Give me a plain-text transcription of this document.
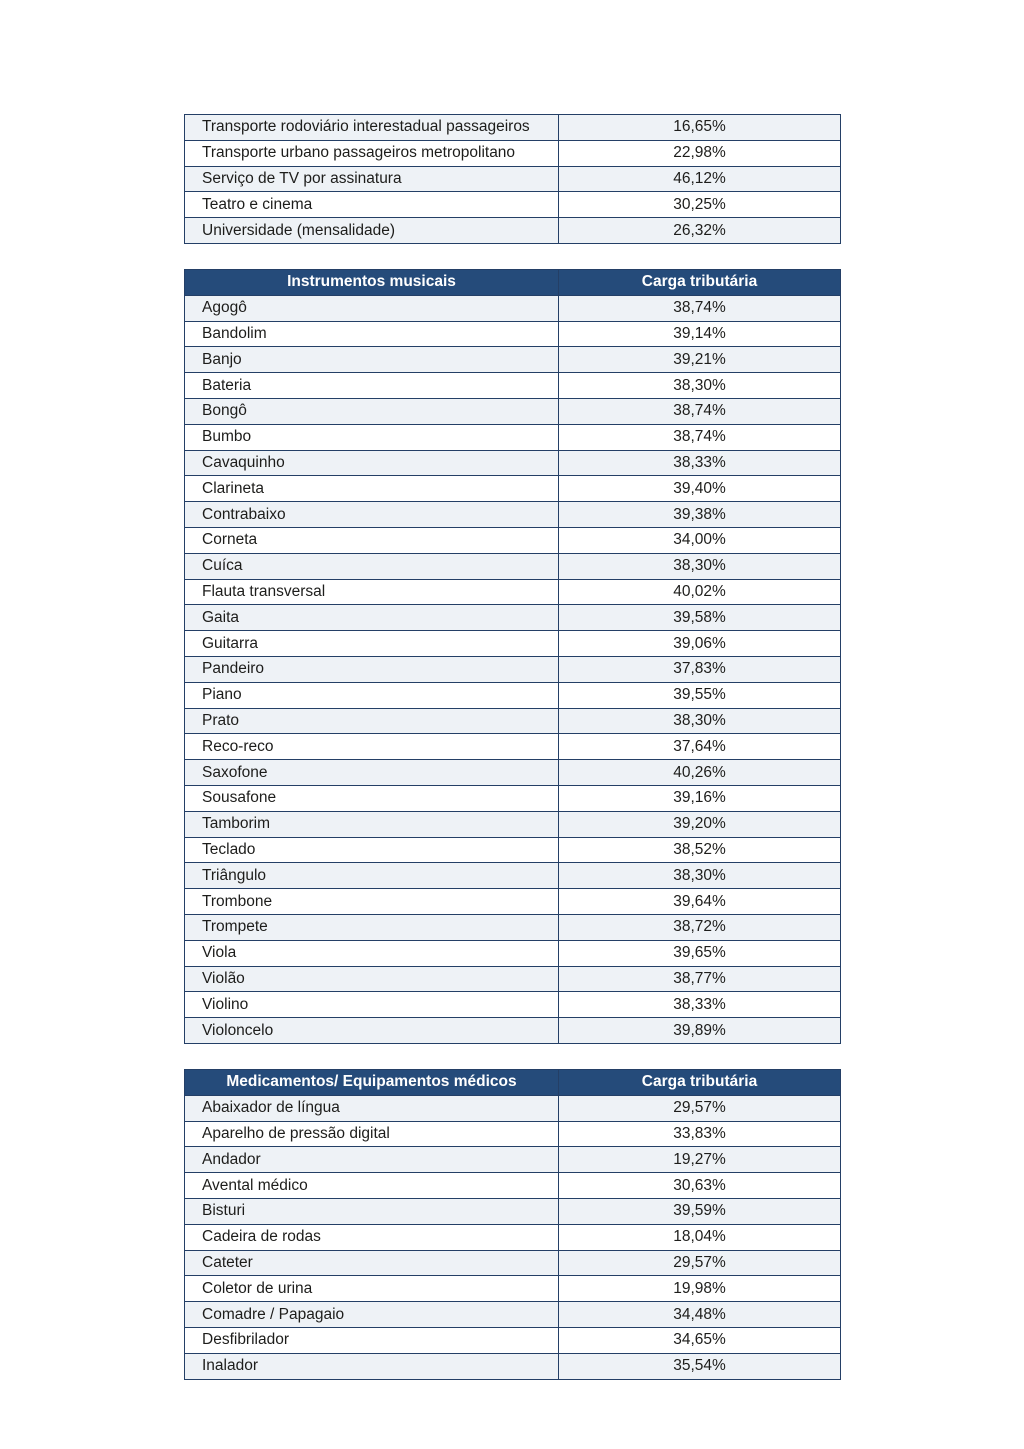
Transporte rodoviário interestadual passageiros	16,65%
Transporte urbano passageiros metropolitano	22,98%
Serviço de TV por assinatura	46,12%
Teatro e cinema	30,25%
Universidade (mensalidade)	26,32%
Instrumentos musicais	Carga tributária
Agogô	38,74%
Bandolim	39,14%
Banjo	39,21%
Bateria	38,30%
Bongô	38,74%
Bumbo	38,74%
Cavaquinho	38,33%
Clarineta	39,40%
Contrabaixo	39,38%
Corneta	34,00%
Cuíca	38,30%
Flauta transversal	40,02%
Gaita	39,58%
Guitarra	39,06%
Pandeiro	37,83%
Piano	39,55%
Prato	38,30%
Reco-reco	37,64%
Saxofone	40,26%
Sousafone	39,16%
Tamborim	39,20%
Teclado	38,52%
Triângulo	38,30%
Trombone	39,64%
Trompete	38,72%
Viola	39,65%
Violão	38,77%
Violino	38,33%
Violoncelo	39,89%
Medicamentos/ Equipamentos médicos	Carga tributária
Abaixador de língua	29,57%
Aparelho de pressão digital	33,83%
Andador	19,27%
Avental médico	30,63%
Bisturi	39,59%
Cadeira de rodas	18,04%
Cateter	29,57%
Coletor de urina	19,98%
Comadre / Papagaio	34,48%
Desfibrilador	34,65%
Inalador	35,54%
